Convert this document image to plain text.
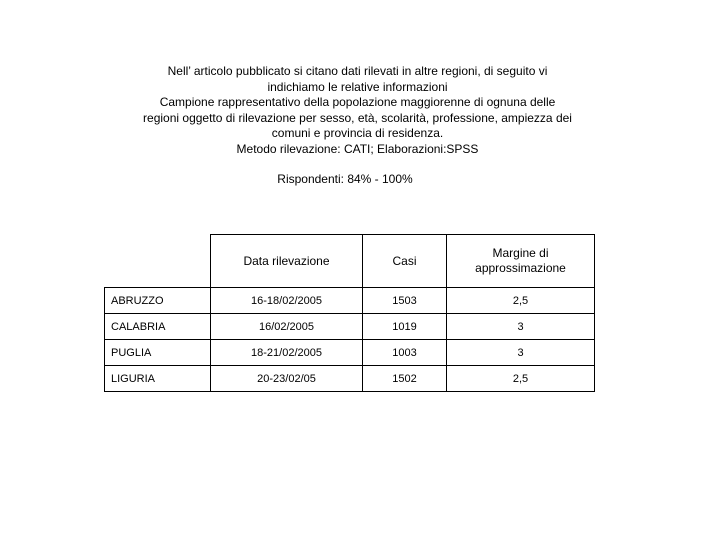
Nell’ articolo pubblicato si citano dati rilevati in altre regioni, di seguito vi
indichiamo le relative informazioni
Campione rappresentativo della popolazione maggiorenne di ognuna delle
regioni oggetto di rilevazione per sesso, età, scolarità, professione, ampiezza dei
comuni e provincia di residenza.
Metodo rilevazione: CATI; Elaborazioni:SPSS
Rispondenti: 84% - 100%
	Data rilevazione	Casi	Margine di
approssimazione
ABRUZZO	16-18/02/2005	1503	2,5
CALABRIA	16/02/2005	1019	3
PUGLIA	18-21/02/2005	1003	3
LIGURIA	20-23/02/05	1502	2,5
